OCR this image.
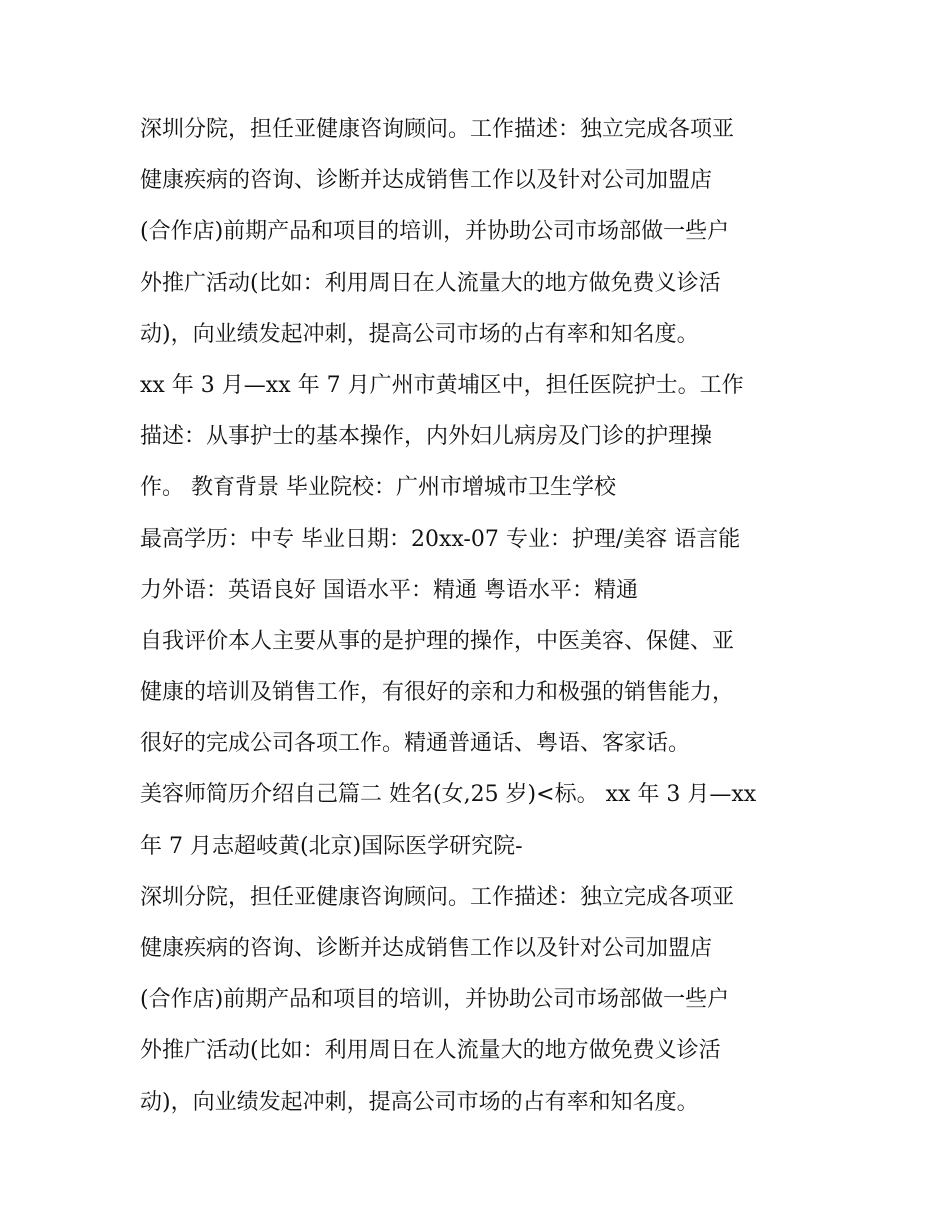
深圳分院，担任亚健康咨询顾问。工作描述：独立完成各项亚
健康疾病的咨询、诊断并达成销售工作以及针对公司加盟店
(合作店)前期产品和项目的培训，并协助公司市场部做一些户
外推广活动(比如：利用周日在人流量大的地方做免费义诊活
动)，向业绩发起冲刺，提高公司市场的占有率和知名度。
xx 年 3 月—xx 年 7 月广州市黄埔区中，担任医院护士。工作
描述：从事护士的基本操作，内外妇儿病房及门诊的护理操
作。 教育背景 毕业院校：广州市增城市卫生学校
最高学历：中专 毕业日期：20xx-07 专业：护理/美容 语言能
力外语：英语良好 国语水平：精通 粤语水平：精通
自我评价本人主要从事的是护理的操作，中医美容、保健、亚
健康的培训及销售工作，有很好的亲和力和极强的销售能力，
很好的完成公司各项工作。精通普通话、粤语、客家话。
美容师简历介绍自己篇二 姓名(女,25 岁)<标。 xx 年 3 月—xx
年 7 月志超岐黄(北京)国际医学研究院-
深圳分院，担任亚健康咨询顾问。工作描述：独立完成各项亚
健康疾病的咨询、诊断并达成销售工作以及针对公司加盟店
(合作店)前期产品和项目的培训，并协助公司市场部做一些户
外推广活动(比如：利用周日在人流量大的地方做免费义诊活
动)，向业绩发起冲刺，提高公司市场的占有率和知名度。
